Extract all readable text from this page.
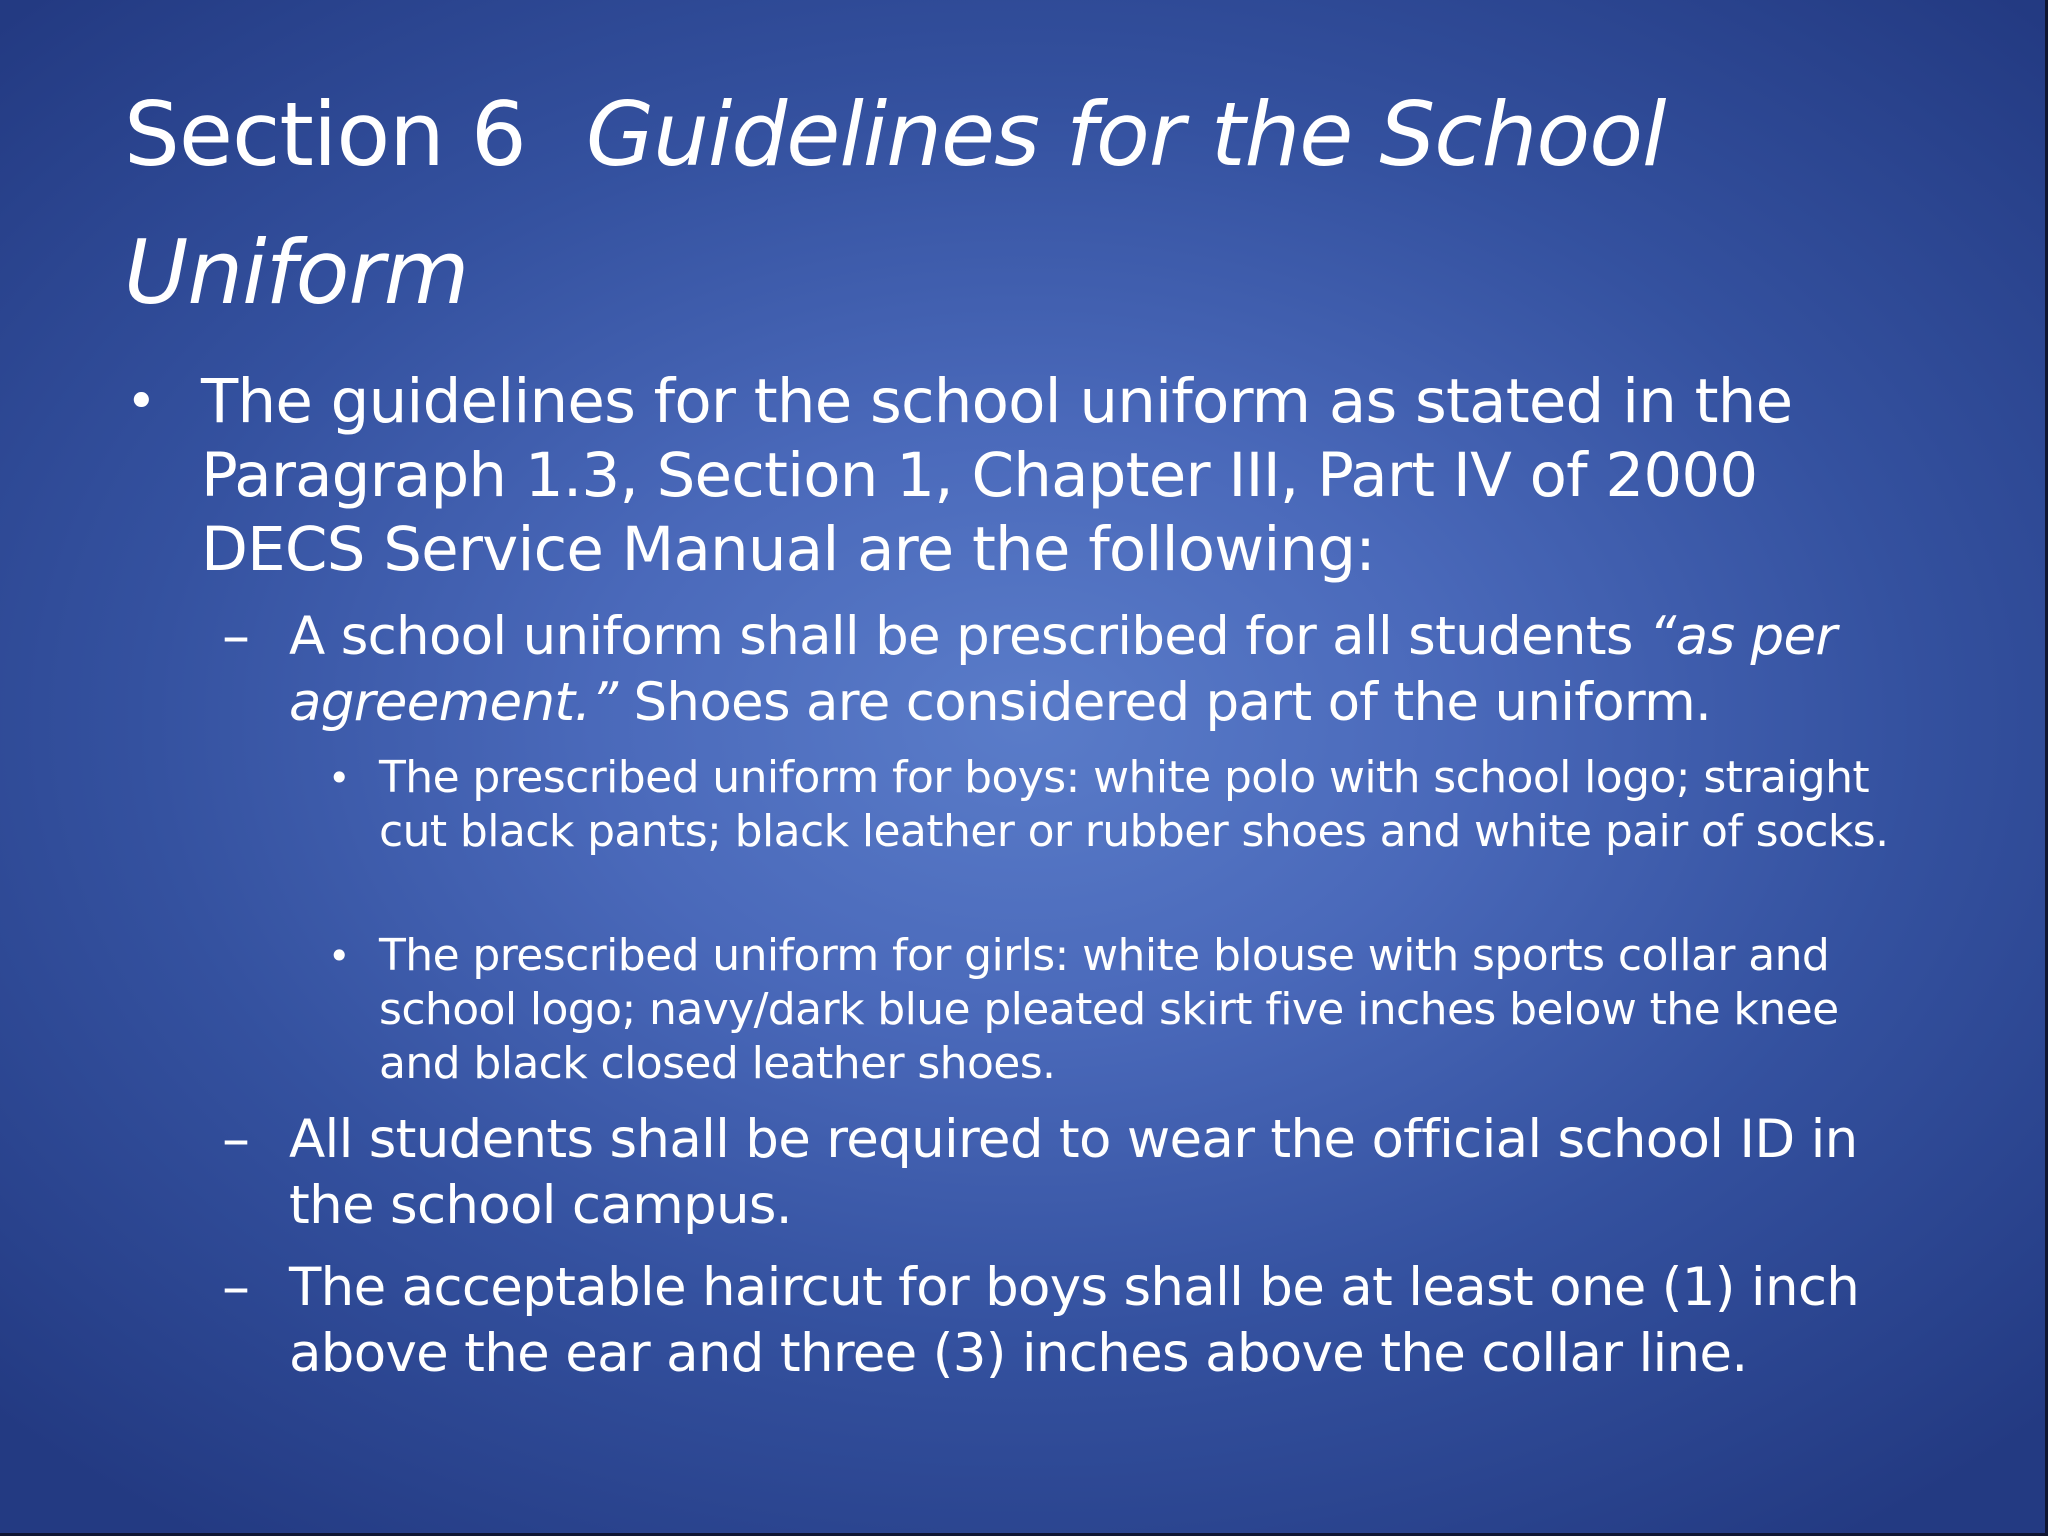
Section 6 Guidelines for the School
Uniform
• The guidelines for the school uniform as stated in the Paragraph 1.3, Section 1, Chapter III, Part IV of 2000 DECS Service Manual are the following:
– A school uniform shall be prescribed for all students “as per agreement.” Shoes are considered part of the uniform.
• The prescribed uniform for boys: white polo with school logo; straight cut black pants; black leather or rubber shoes and white pair of socks.
• The prescribed uniform for girls: white blouse with sports collar and school logo; navy/dark blue pleated skirt five inches below the knee and black closed leather shoes.
– All students shall be required to wear the official school ID in the school campus.
– The acceptable haircut for boys shall be at least one (1) inch above the ear and three (3) inches above the collar line.
